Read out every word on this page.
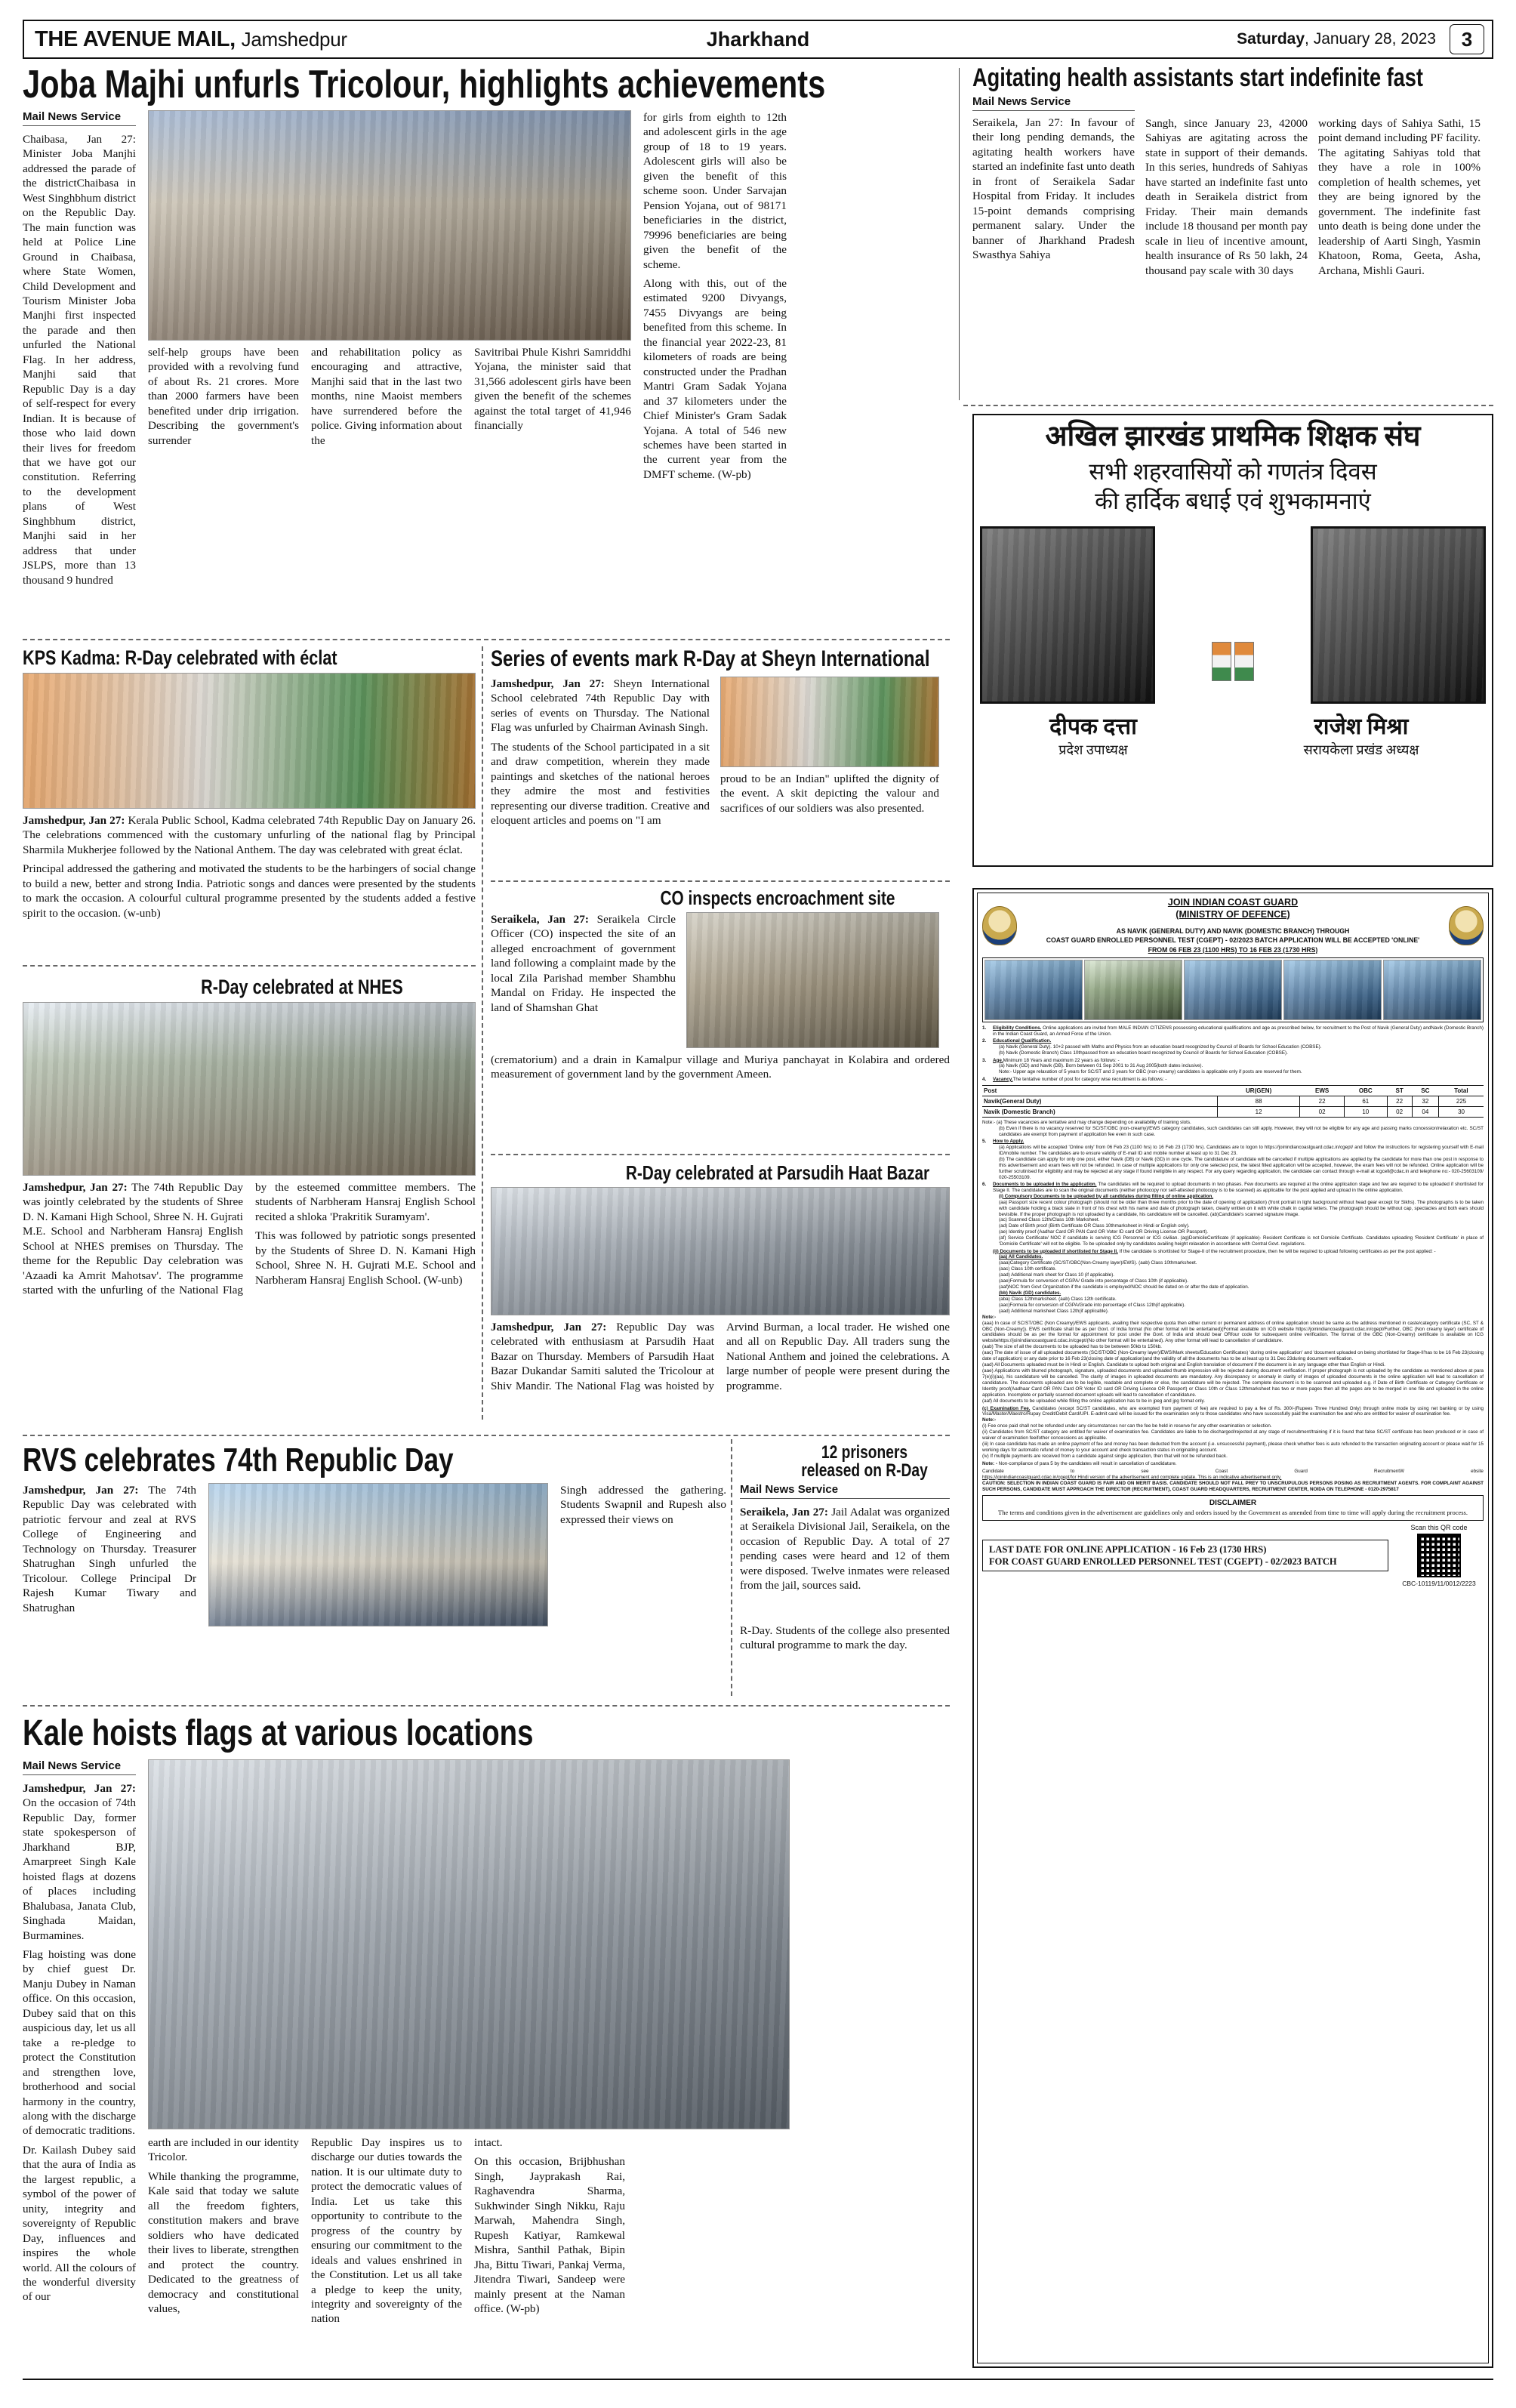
THE AVENUE MAIL, Jamshedpur	Jharkhand	Saturday, January 28, 2023	3
Joba Majhi unfurls Tricolour, highlights achievements
Mail News Service
Chaibasa, Jan 27: Minister Joba Manjhi addressed the parade of the districtChaibasa in West Singhbhum district on the Republic Day. The main function was held at Police Line Ground in Chaibasa, where State Women, Child Development and Tourism Minister Joba Manjhi first inspected the parade and then unfurled the National Flag. In her address, Manjhi said that Republic Day is a day of self-respect for every Indian. It is because of those who laid down their lives for freedom that we have got our constitution. Referring to the development plans of West Singhbhum district, Manjhi said in her address that under JSLPS, more than 13 thousand 9 hundred
self-help groups have been provided with a revolving fund of about Rs. 21 crores. More than 2000 farmers have been benefited under drip irrigation. Describing the government's surrender
and rehabilitation policy as encouraging and attractive, Manjhi said that in the last two months, nine Maoist members have surrendered before the police. Giving information about the
Savitribai Phule Kishri Samriddhi Yojana, the minister said that 31,566 adolescent girls have been given the benefit of the schemes against the total target of 41,946 financially
for girls from eighth to 12th and adolescent girls in the age group of 18 to 19 years. Adolescent girls will also be given the benefit of this scheme soon. Under Sarvajan Pension Yojana, out of 98171 beneficiaries in the district, 79996 beneficiaries are being given the benefit of the scheme.
Along with this, out of the estimated 9200 Divyangs, 7455 Divyangs are being benefited from this scheme. In the financial year 2022-23, 81 kilometers of roads are being constructed under the Pradhan Mantri Gram Sadak Yojana and 37 kilometers under the Chief Minister's Gram Sadak Yojana. A total of 546 new schemes have been started in the current year from the DMFT scheme. (W-pb)
Agitating health assistants start indefinite fast
Mail News Service
Seraikela, Jan 27: In favour of their long pending demands, the agitating health workers have started an indefinite fast unto death in front of Seraikela Sadar Hospital from Friday. It includes 15-point demands comprising permanent salary. Under the banner of Jharkhand Pradesh Swasthya Sahiya
Sangh, since January 23, 42000 Sahiyas are agitating across the state in support of their demands. In this series, hundreds of Sahiyas have started an indefinite fast unto death in Seraikela district from Friday. Their main demands include 18 thousand per month pay scale in lieu of incentive amount, health insurance of Rs 50 lakh, 24 thousand pay scale with 30 days
working days of Sahiya Sathi, 15 point demand including PF facility. The agitating Sahiyas told that they have a role in 100% completion of health schemes, yet they are being ignored by the government. The indefinite fast unto death is being done under the leadership of Aarti Singh, Yasmin Khatoon, Roma, Geeta, Asha, Archana, Mishli Gauri.
अखिल झारखंड प्राथमिक शिक्षक संघ
सभी शहरवासियों को गणतंत्र दिवस
की हार्दिक बधाई एवं शुभकामनाएं
दीपक दत्ता
प्रदेश उपाध्यक्ष
राजेश मिश्रा
सरायकेला प्रखंड अध्यक्ष
KPS Kadma: R-Day celebrated with éclat
Jamshedpur, Jan 27: Kerala Public School, Kadma celebrated 74th Republic Day on January 26. The celebrations commenced with the customary unfurling of the national flag by Principal Sharmila Mukherjee followed by the National Anthem. The day was celebrated with great éclat.
Principal addressed the gathering and motivated the students to be the harbingers of social change to build a new, better and strong India. Patriotic songs and dances were presented by the students to mark the occasion. A colourful cultural programme presented by the students added a festive spirit to the occasion. (w-unb)
Series of events mark R-Day at Sheyn International
Jamshedpur, Jan 27: Sheyn International School celebrated 74th Republic Day with series of events on Thursday. The National Flag was unfurled by Chairman Avinash Singh.
The students of the School participated in a sit and draw competition, wherein they made paintings and sketches of the national heroes they admire the most and festivities representing our diverse tradition. Creative and eloquent articles and poems on "I am
proud to be an Indian" uplifted the dignity of the event. A skit depicting the valour and sacrifices of our soldiers was also presented.
CO inspects encroachment site
Seraikela, Jan 27: Seraikela Circle Officer (CO) inspected the site of an alleged encroachment of government land following a complaint made by the local Zila Parishad member Shambhu Mandal on Friday. He inspected the land of Shamshan Ghat
(crematorium) and a drain in Kamalpur village and Muriya panchayat in Kolabira and ordered measurement of government land by the government Ameen.
R-Day celebrated at NHES
Jamshedpur, Jan 27: The 74th Republic Day was jointly celebrated by the students of Shree D. N. Kamani High School, Shree N. H. Gujrati M.E. School and Narbheram Hansraj English School at NHES premises on Thursday. The theme for the Republic Day celebration was 'Azaadi ka Amrit Mahotsav'. The programme started with the unfurling of the National Flag by the esteemed committee members. The students of Narbheram Hansraj English School recited a shloka 'Prakritik Suramyam'.
This was followed by patriotic songs presented by the Students of Shree D. N. Kamani High School, Shree N. H. Gujrati M.E. School and Narbheram Hansraj English School. (W-unb)
R-Day celebrated at Parsudih Haat Bazar
Jamshedpur, Jan 27: Republic Day was celebrated with enthusiasm at Parsudih Haat Bazar on Thursday. Members of Parsudih Haat Bazar Dukandar Samiti saluted the Tricolour at Shiv Mandir. The National Flag was hoisted by Arvind Burman, a local trader. He wished one and all on Republic Day. All traders sung the National Anthem and joined the celebrations. A large number of people were present during the programme.
RVS celebrates 74th Republic Day
Jamshedpur, Jan 27: The 74th Republic Day was celebrated with patriotic fervour and zeal at RVS College of Engineering and Technology on Thursday. Treasurer Shatrughan Singh unfurled the Tricolour. College Principal Dr Rajesh Kumar Tiwary and Shatrughan
Singh addressed the gathering. Students Swapnil and Rupesh also expressed their views on
12 prisoners
released on R-Day
Mail News Service
Seraikela, Jan 27: Jail Adalat was organized at Seraikela Divisional Jail, Seraikela, on the occasion of Republic Day. A total of 27 pending cases were heard and 12 of them were disposed. Twelve inmates were released from the jail, sources said.
R-Day. Students of the college also presented cultural programme to mark the day.
Kale hoists flags at various locations
Mail News Service
Jamshedpur, Jan 27: On the occasion of 74th Republic Day, former state spokesperson of Jharkhand BJP, Amarpreet Singh Kale hoisted flags at dozens of places including Bhalubasa, Janata Club, Singhada Maidan, Burmamines.
Flag hoisting was done by chief guest Dr. Manju Dubey in Naman office. On this occasion, Dubey said that on this auspicious day, let us all take a re-pledge to protect the Constitution and strengthen love, brotherhood and social harmony in the country, along with the discharge of democratic traditions.
Dr. Kailash Dubey said that the aura of India as the largest republic, a symbol of the power of unity, integrity and sovereignty of Republic Day, influences and inspires the whole world. All the colours of the wonderful diversity of our
earth are included in our identity Tricolor.
While thanking the programme, Kale said that today we salute all the freedom fighters, constitution makers and brave soldiers who have dedicated their lives to liberate, strengthen and protect the country. Dedicated to the greatness of democracy and constitutional values,
Republic Day inspires us to discharge our duties towards the nation. It is our ultimate duty to protect the democratic values of India. Let us take this opportunity to contribute to the progress of the country by ensuring our commitment to the ideals and values enshrined in the Constitution. Let us all take a pledge to keep the unity, integrity and sovereignty of the nation
intact.
On this occasion, Brijbhushan Singh, Jayprakash Rai, Raghavendra Sharma, Sukhwinder Singh Nikku, Raju Marwah, Mahendra Singh, Rupesh Katiyar, Ramkewal Mishra, Santhil Pathak, Bipin Jha, Bittu Tiwari, Pankaj Verma, Jitendra Tiwari, Sandeep were mainly present at the Naman office. (W-pb)
JOIN INDIAN COAST GUARD
(MINISTRY OF DEFENCE)
AS NAVIK (GENERAL DUTY) AND NAVIK (DOMESTIC BRANCH) THROUGH
COAST GUARD ENROLLED PERSONNEL TEST (CGEPT) - 02/2023 BATCH APPLICATION WILL BE ACCEPTED 'ONLINE'
FROM 06 FEB 23 (1100 HRS) TO 16 FEB 23 (1730 HRS)
1.	Eligibility Conditions. Online applications are invited from MALE INDIAN CITIZENS possessing educational qualifications and age as prescribed below, for recruitment to the Post of Navik (General Duty) andNavik (Domestic Branch) in the Indian Coast Guard, an Armed Force of the Union.
2.	Educational Qualification.
(a) Navik (General Duty). 10+2 passed with Maths and Physics from an education board recognized by Council of Boards for School Education (COBSE).
(b) Navik (Domestic Branch) Class 10thpassed from an education board recognized by Council of Boards for School Education (COBSE).
3.	Age.Minimum 18 Years and maximum 22 years as follows: -
(a) Navik (GD) and Navik (DB). Born between 01 Sep 2001 to 31 Aug 2005(both dates inclusive).
Note:- Upper age relaxation of 5 years for SC/ST and 3 years for OBC (non-creamy) candidates is applicable only if posts are reserved for them.
4.	Vacancy.The tentative number of post for category wise recruitment is as follows: -
Post	UR(GEN)	EWS	OBC	ST	SC	Total
Navik(General Duty)	88	22	61	22	32	225
Navik (Domestic Branch)	12	02	10	02	04	30
Note:- (a) These vacancies are tentative and may change depending on availability of training slots.
(b) Even if there is no vacancy reserved for SC/ST/OBC (non-creamy)/EWS category candidates, such candidates can still apply. However, they will not be eligible for any age and passing marks concession/relaxation etc. SC/ST candidates are exempt from payment of application fee even in such case.
5.	How to Apply.
(a) Applications will be accepted 'Online only' from 06 Feb 23 (1100 hrs) to 16 Feb 23 (1730 hrs). Candidates are to logon to https://joinindiancoastguard.cdac.in/cgept/ and follow the instructions for registering yourself with E-mail ID/mobile number. The candidates are to ensure validity of E-mail ID and mobile number at least up to 31 Dec 23.
(b) The candidate can apply for only one post, either Navik (DB) or Navik (GD) in one cycle. The candidature of candidate will be cancelled if multiple applications are applied by the candidate for more than one post in response to this advertisement and exam fees will not be refunded. In case of multiple applications for only one selected post, the latest filled application will be accepted, however, the exam fees will not be refunded. Online application will be further scrutinised for eligibility and may be rejected at any stage if found ineligible in any respect. For any query regarding application, the candidate can contact through e-mail at icgcell@cdac.in and telephone no:- 020-25603109/ 020-25503109.
6.	Documents to be uploaded in the application. The candidates will be required to upload documents in two phases. Few documents are required at the online application stage and few are required to be uploaded if shortlisted for Stage II. The candidates are to scan the original documents (neither photocopy nor self-attested photocopy is to be scanned) as applicable for the post applied and upload in the online application.
(i) Compulsory Documents to be uploaded by all candidates during filling of online application.
(aa) Passport size recent colour photograph (should not be older than three months prior to the date of opening of application) (front portrait in light background without head gear except for Sikhs). The photographs is to be taken with candidate holding a black slate in front of his chest with his name and date of photograph taken, clearly written on it with white chalk in capital letters. The photograph should be without cap, spectacles and both ears should bevisible. If the proper photograph is not uploaded by a candidate, his candidature will be cancelled. (ab)Candidate's scanned signature image.
(ac) Scanned Class 12th/Class 10th Marksheet.
(ad) Date of Birth proof (Birth Certificate OR Class 10thmarksheet in Hindi or English only).
(ae) Identity proof (Aadhar Card OR PAN Card OR Voter ID card OR Driving License OR Passport).
(af) Service Certificate/ NOC if candidate is serving ICG Personnel or ICG civilian. (ag)DomicileCertificate (if applicable)- Resident Certificate is not Domicile Certificate. Candidates uploading 'Resident Certificate' in place of 'Domicile Certificate' will not be eligible. To be uploaded only by candidates availing height relaxation in accordance with Central Govt. regulations.

(ii) Documents to be uploaded if shortlisted for Stage II. If the candidate is shortlisted for Stage-II of the recruitment procedure, then he will be required to upload following certificates as per the post applied: -
(aa) All Candidates.
(aaa)Category Certificate (SC/ST/OBC(Non-Creamy layer)/EWS). (aab) Class 10thmarksheet.
(aac) Class 10th certificate.
(aad) Additional mark sheet for Class 10 (if applicable).
(aae)Formula for conversion of CGPA/ Grade into percentage of Class 10th (if applicable).
(aaf)NOC from Govt Organization if the candidate is employed/NOC should be dated on or after the date of application.
(bb) Navik (GD) candidates.
(aba) Class 12thmarksheet. (aab) Class 12th certificate.
(aac)Formula for conversion of CGPA/Grade into percentage of Class 12th(if applicable).
(aad) Additional marksheet Class 12th(if applicable).
Note:-
(aaa) In case of SC/ST/OBC (Non Creamy)/EWS applicants, availing their respective quota then either current or permanent address of online application should be same as the address mentioned in caste/category certificate (SC, ST & OBC (Non-Creamy)). EWS certificate shall be as per Govt. of India format (No other format will be entertained)(Format available on ICG website https://joinindiancoastguard.cdac.in/cgept/Further, OBC (Non creamy layer) certificate of candidates should be as per the format for appointment for post under the Govt. of India and should bear ORfour code for subsequent online verification. The format of the OBC (Non-Creamy) certificate is available on ICG websitehttps://joinindiancoastguard.cdac.in/cgept/(No other format will be entertained). Any other format will lead to cancellation of candidature.
(aab) The size of all the documents to be uploaded has to be between 50kb to 150kb.
(aac) The date of issue of all uploaded documents (SC/ST/OBC (Non-Creamy layer)/EWS/Mark sheets/Education Certificates) 'during online application' and 'document uploaded on being shortlisted for Stage-II'has to be 16 Feb 23(closing date of application) or any date prior to 16 Feb 23(closing date of application)and the validity of all the documents has to be at least up to 31 Dec 23during document verification.
(aad) All Documents uploaded must be in Hindi or English. Candidate to upload both original and English translation of document if the document is in any language other than English or Hindi.
(aae) Applications with blurred photograph, signature, uploaded documents and uploaded thumb impression will be rejected during document verification. If proper photograph is not uploaded by the candidate as mentioned above at para 7(e)(i)(aa), his candidature will be cancelled. The clarity of images in uploaded documents are mandatory. Any discrepancy or anomaly in clarity of images of uploaded documents in the online application will lead to cancellation of candidature. The documents uploaded are to be legible, readable and complete or else, the candidature will be rejected. The complete document is to be scanned and uploaded e.g. if Date of Birth Certificate or Category Certificate or Identity proof(Aadhaar Card OR PAN Card OR Voter ID card OR Driving Licence OR Passport) or Class 10th or Class 12thmarksheet has two or more pages then all the pages are to be merged in one file and uploaded in the online application. Incomplete or partially scanned document uploads will lead to cancellation of candidature.
(aaf) All documents to be uploaded while filling the online application has to be in jpeg and jpg format only.
(c) Examination Fee. Candidates (except SC/ST candidates, who are exempted from payment of fee) are required to pay a fee of Rs. 300/-(Rupees Three Hundred Only) through online mode by using net banking or by using Visa/Master/Maestro/Rupay Credit/Debit Card/UPI. E-admit card will be issued for the examination only to those candidates who have successfully paid the examination fee and who are entitled for waiver of examination fee.
Note:-
(i) Fee once paid shall not be refunded under any circumstances nor can the fee be held in reserve for any other examination or selection.
(ii) Candidates from SC/ST category are entitled for waiver of examination fee. Candidates are liable to be discharged/rejected at any stage of recruitment/training if it is found that false SC/ST certificate has been produced or in case of waiver of examination feeifother concessions as applicable.
(iii) In case candidate has made an online payment of fee and money has been deducted from the account (i.e. unsuccessful payment), please check whether fees is auto refunded to the transaction originating account or please wait for 15 working days for automatic refund of money to your account and check transaction status in originating account.
(iv) If multiple payments are received from a candidate against single application, then that will not be refunded back.
Note: - Non-compliance of para 5 by the candidates will result in cancellation of candidature.
Candidate	to	see	Coast	Guard	RecruitmentW	ebsite
https://joinindiancoastguard.cdac.in/cgept/for Hindi version of the advertisement and complete update. This is an indicative advertisement only.
CAUTION: SELECTION IN INDIAN COAST GUARD IS FAIR AND ON MERIT BASIS. CANDIDATE SHOULD NOT FALL PREY TO UNSCRUPULOUS PERSONS POSING AS RECRUITMENT AGENTS. FOR COMPLAINT AGAINST SUCH PERSONS, CANDIDATE MUST APPROACH THE DIRECTOR (RECRUITMENT), COAST GUARD HEADQUARTERS, RECRUITMENT CENTER, NOIDA ON TELEPHONE - 0120-2975817
DISCLAIMER

The terms and conditions given in the advertisement are guidelines only and orders issued by the Government as amended from time to time will apply during the recruitment process.

LAST DATE FOR ONLINE APPLICATION - 16 Feb 23 (1730 HRS)
FOR COAST GUARD ENROLLED PERSONNEL TEST (CGEPT) - 02/2023 BATCH
Scan this QR code
CBC-10119/11/0012/2223
